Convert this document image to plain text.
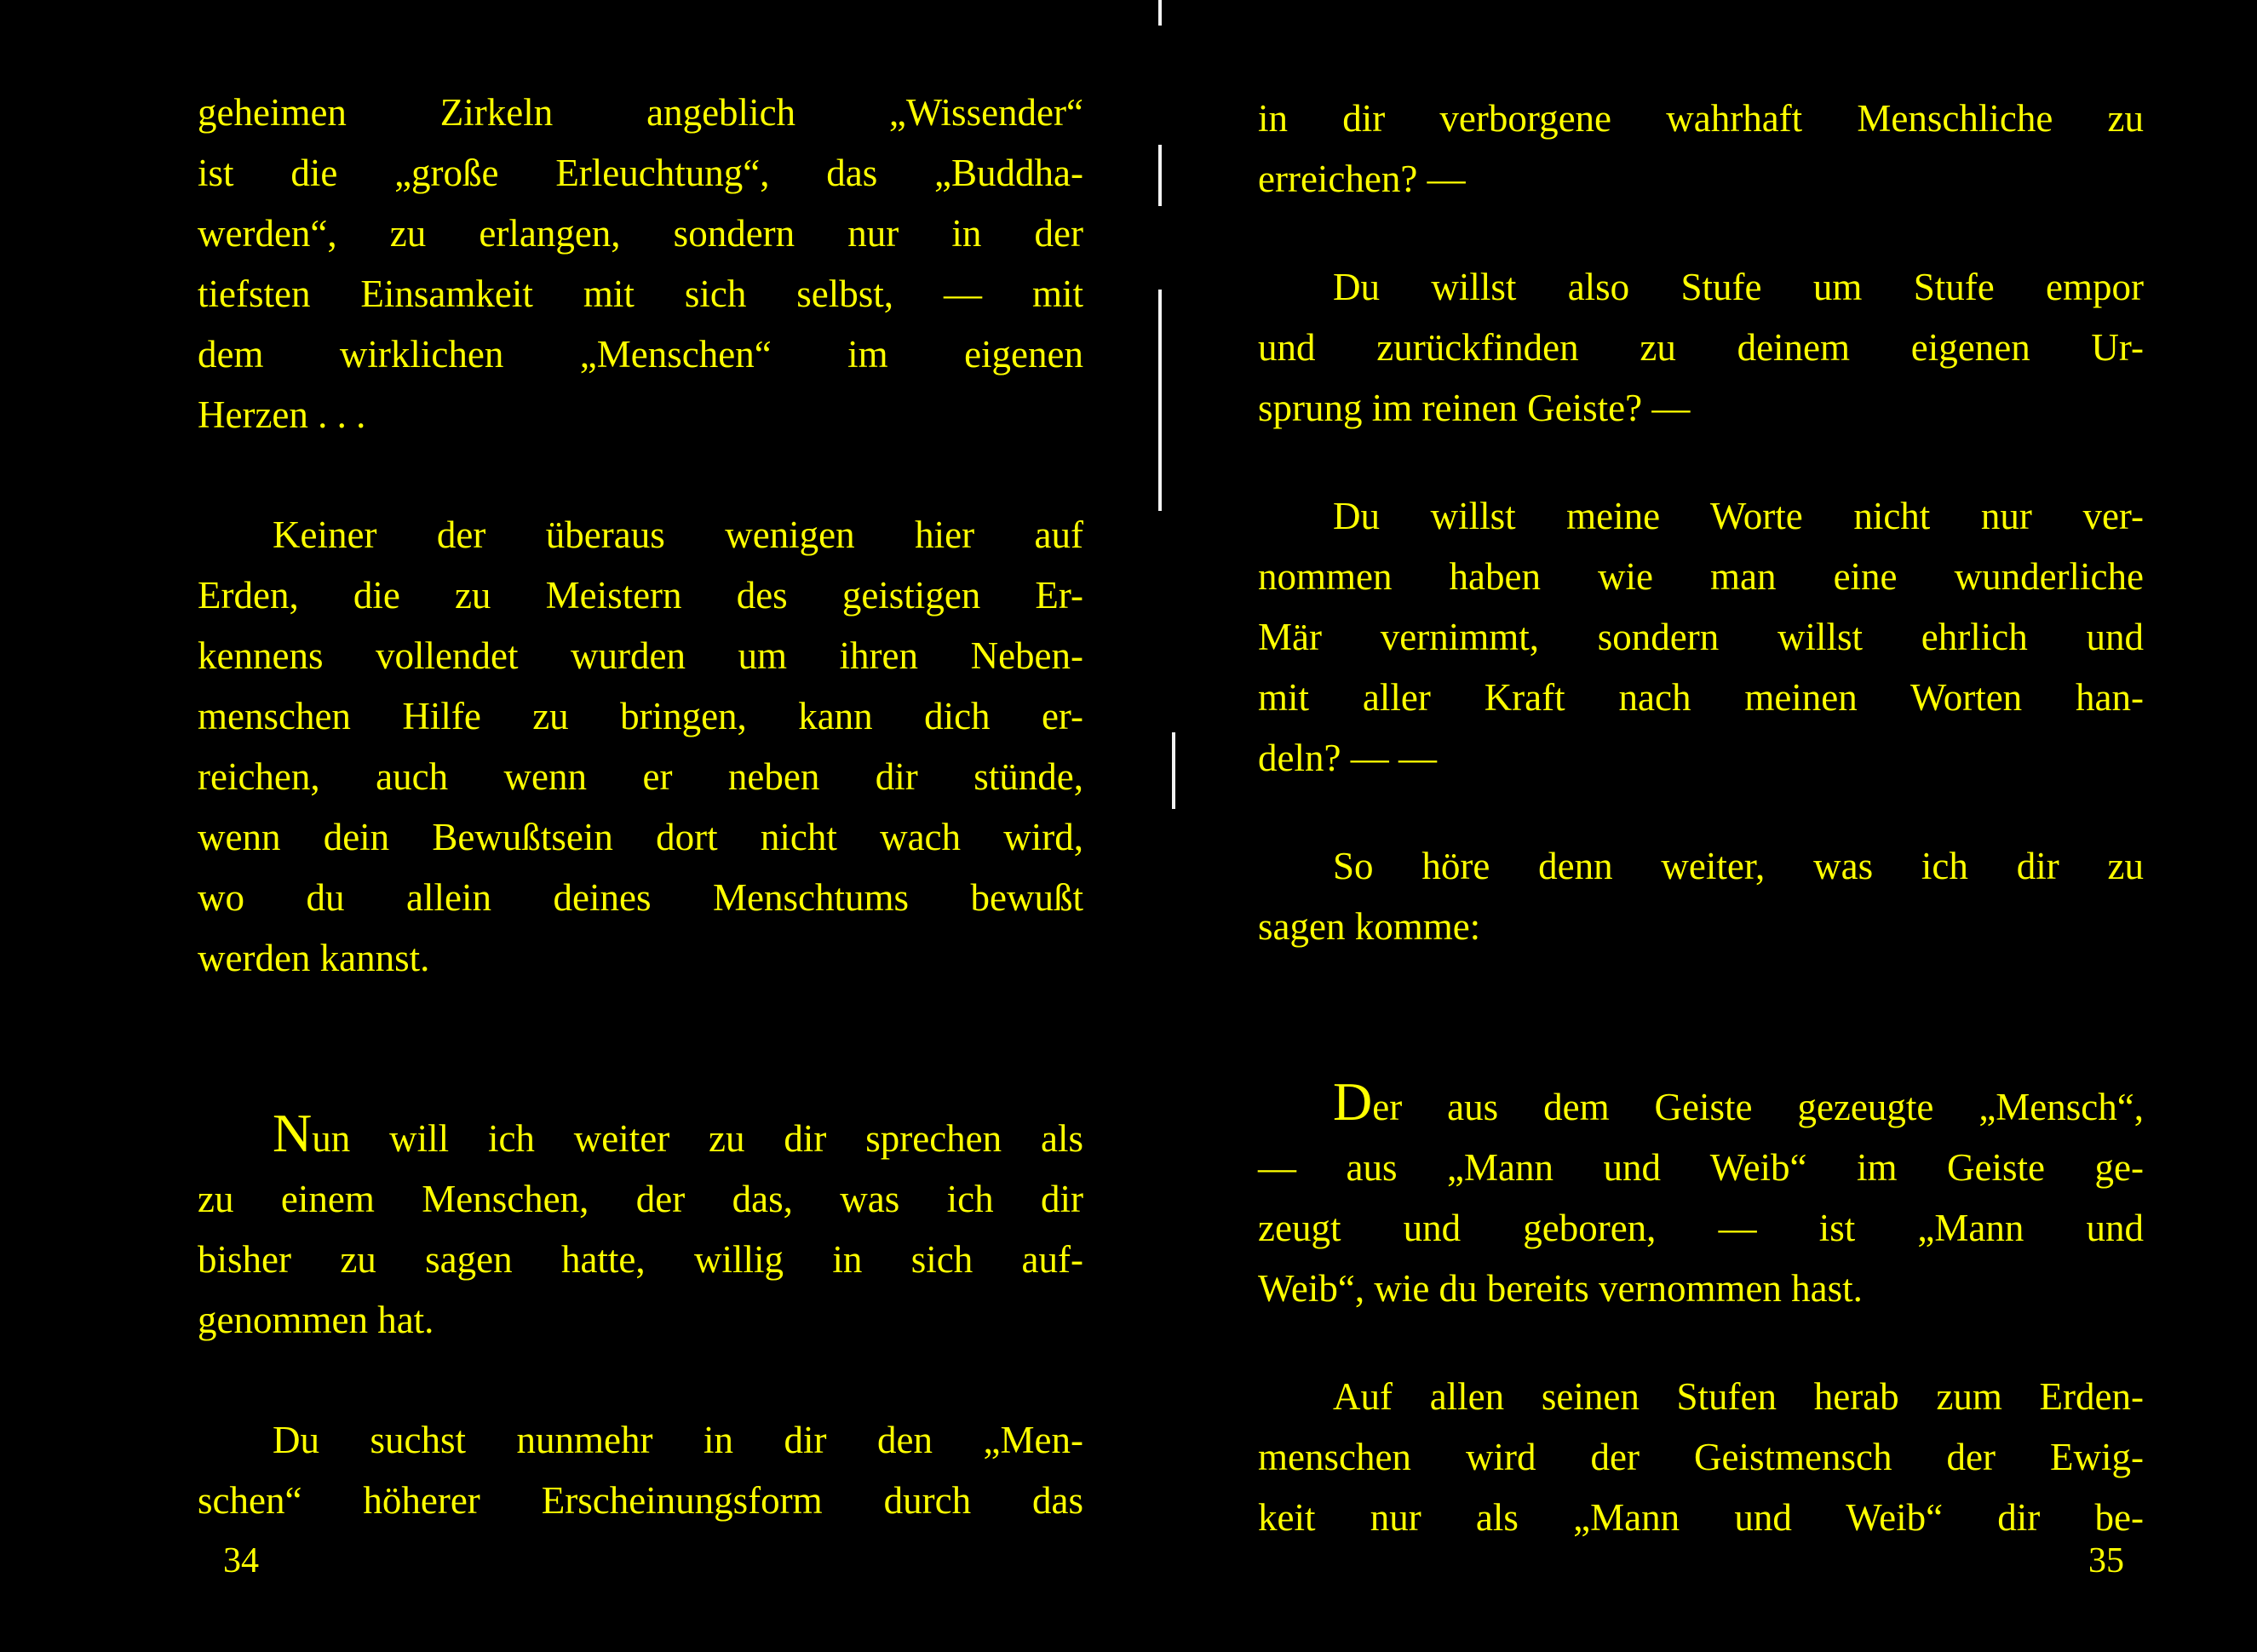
geheimen Zirkeln angeblich „Wissender“
ist die „große Erleuchtung“, das „Buddha-
werden“, zu erlangen, sondern nur in der
tiefsten Einsamkeit mit sich selbst, — mit
dem wirklichen „Menschen“ im eigenen
Herzen . . .
Keiner der überaus wenigen hier auf
Erden, die zu Meistern des geistigen Er-
kennens vollendet wurden um ihren Neben-
menschen Hilfe zu bringen, kann dich er-
reichen, auch wenn er neben dir stünde,
wenn dein Bewußtsein dort nicht wach wird,
wo du allein deines Menschtums bewußt
werden kannst.
Nun will ich weiter zu dir sprechen als
zu einem Menschen, der das, was ich dir
bisher zu sagen hatte, willig in sich auf-
genommen hat.
Du suchst nunmehr in dir den „Men-
schen“ höherer Erscheinungsform durch das
34
in dir verborgene wahrhaft Menschliche zu
erreichen? —
Du willst also Stufe um Stufe empor
und zurückfinden zu deinem eigenen Ur-
sprung im reinen Geiste? —
Du willst meine Worte nicht nur ver-
nommen haben wie man eine wunderliche
Mär vernimmt, sondern willst ehrlich und
mit aller Kraft nach meinen Worten han-
deln? — —
So höre denn weiter, was ich dir zu
sagen komme:
Der aus dem Geiste gezeugte „Mensch“,
— aus „Mann und Weib“ im Geiste ge-
zeugt und geboren, — ist „Mann und
Weib“, wie du bereits vernommen hast.
Auf allen seinen Stufen herab zum Erden-
menschen wird der Geistmensch der Ewig-
keit nur als „Mann und Weib“ dir be-
35
